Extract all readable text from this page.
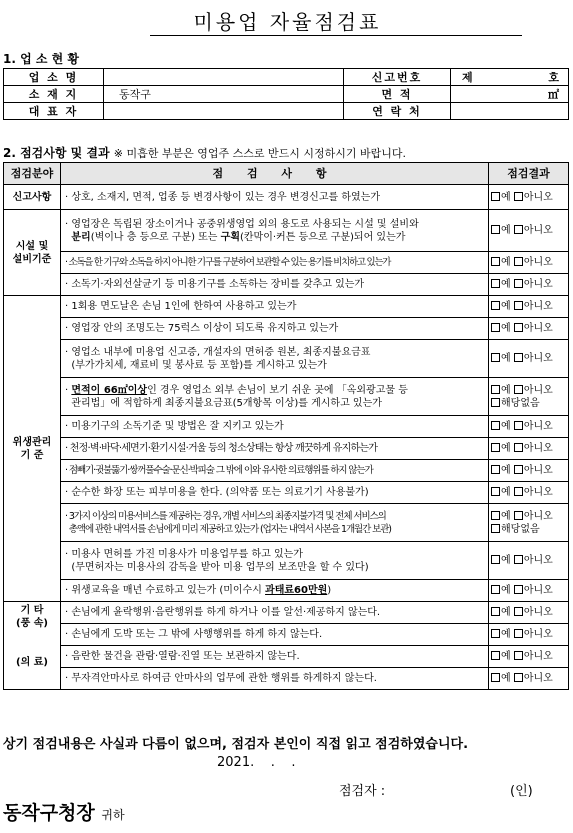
미용업 자율점검표
1. 업 소 현 황
업 소 명		신고번호	제 호

소 재 지	동작구	면 적	㎡

대 표 자		연 락 처	
2. 점검사항 및 결과 ※ 미흡한 부분은 영업주 스스로 반드시 시정하시기 바랍니다.
점검분야	점 검 사 항	점검결과
신고사항	· 상호, 소재지, 면적, 업종 등 변경사항이 있는 경우 변경신고를 하였는가	예 아니오
시설 및
설비기준	· 영업장은 독립된 장소이거나 공중위생영업 외의 용도로 사용되는 시설 및 설비와
분리(벽이나 층 등으로 구분) 또는 구획(칸막이·커튼 등으로 구분)되어 있는가	예 아니오
	· 소독을 한 기구와 소독을 하지 아니한 기구를 구분하여 보관할 수 있는 용기를 비치하고 있는가	예 아니오
	· 소독기·자외선살균기 등 미용기구를 소독하는 장비를 갖추고 있는가	예 아니오
위생관리
기 준	· 1회용 면도날은 손님 1인에 한하여 사용하고 있는가	예 아니오
	· 영업장 안의 조명도는 75럭스 이상이 되도록 유지하고 있는가	예 아니오
	· 영업소 내부에 미용업 신고증, 개설자의 면허증 원본, 최종지불요금표
(부가가치세, 재료비 및 봉사료 등 포함)를 게시하고 있는가	예 아니오
	· 면적이 66㎡이상인 경우 영업소 외부 손님이 보기 쉬운 곳에 「옥외광고물 등
관리법」에 적합하게 최종지불요금표(5개항목 이상)를 게시하고 있는가	예 아니오
해당없음
	· 미용기구의 소독기준 및 방법은 잘 지키고 있는가	예 아니오
	· 천정·벽·바닥·세면기·환기시설·거울 등의 청소상태는 항상 깨끗하게 유지하는가	예 아니오
	· 점빼기·귓불뚫기·쌍꺼풀수술·문신·박피술 그 밖에 이와 유사한 의료행위를 하지 않는가	예 아니오
	· 순수한 화장 또는 피부미용을 한다. (의약품 또는 의료기기 사용불가)	예 아니오
	· 3가지 이상의 미용서비스를 제공하는 경우, 개별 서비스의 최종지불가격 및 전체 서비스의
총액에 관한 내역서를 손님에게 미리 제공하고 있는가 (업자는 내역서 사본을 1개월간 보관)	예 아니오
해당없음
	· 미용사 면허를 가진 미용사가 미용업무를 하고 있는가
(무면허자는 미용사의 감독을 받아 미용 업무의 보조만을 할 수 있다)	예 아니오
	· 위생교육을 매년 수료하고 있는가 (미이수시 과태료60만원)	예 아니오
기 타
(풍 속)

(의 료)	· 손님에게 윤락행위·음란행위를 하게 하거나 이를 알선·제공하지 않는다.	예 아니오
	· 손님에게 도박 또는 그 밖에 사행행위를 하게 하지 않는다.	예 아니오
	· 음란한 물건을 관람·열람·진열 또는 보관하지 않는다.	예 아니오
	· 무자격안마사로 하여금 안마사의 업무에 관한 행위를 하게하지 않는다.	예 아니오
상기 점검내용은 사실과 다름이 없으며, 점검자 본인이 직접 읽고 점검하였습니다.
2021.    .    .
점검자 :	(인)
동작구청장 귀하
